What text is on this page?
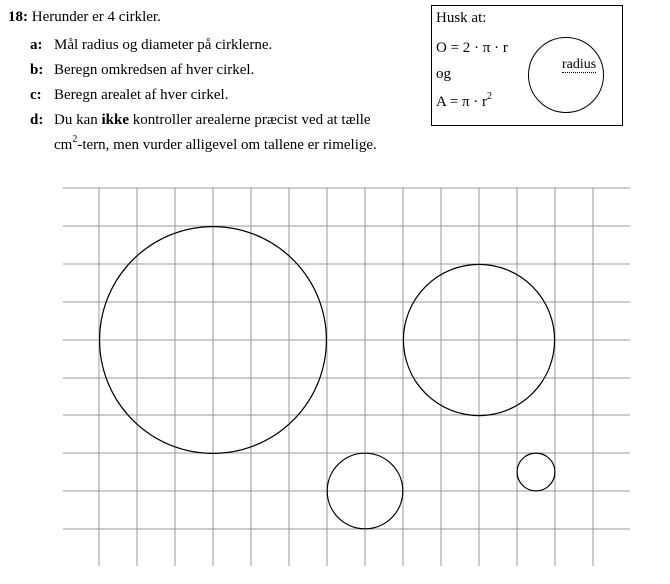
18: Herunder er 4 cirkler.
a: Mål radius og diameter på cirklerne.
b: Beregn omkredsen af hver cirkel.
c: Beregn arealet af hver cirkel.
d: Du kan ikke kontroller arealerne præcist ved at tælle
$cm^2$-tern, men vurder alligevel om tallene er rimelige.
Husk at:
O = 2 · π · r
og
$A = \pi \cdot r^2$
radius
